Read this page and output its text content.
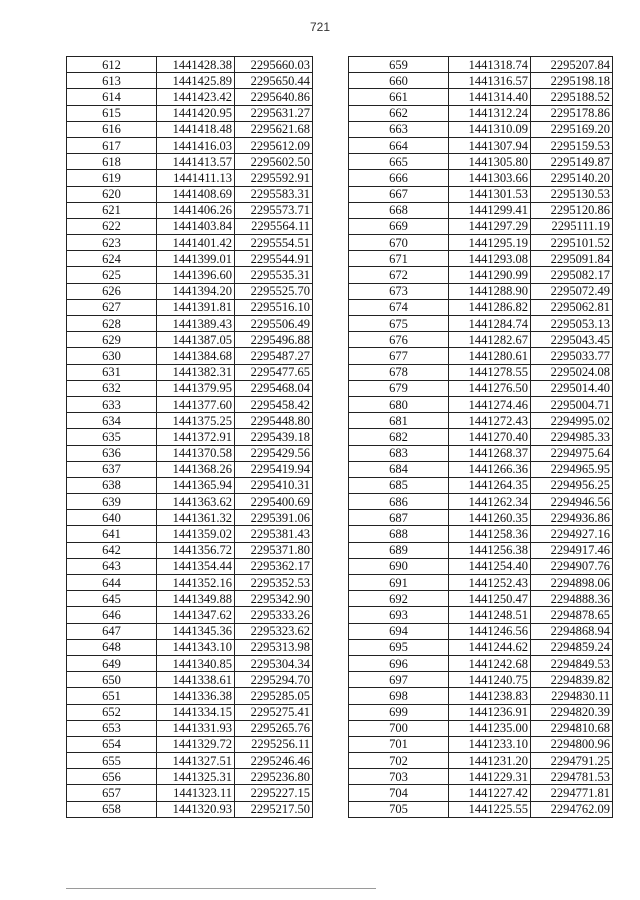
721
612	1441428.38	2295660.03
613	1441425.89	2295650.44
614	1441423.42	2295640.86
615	1441420.95	2295631.27
616	1441418.48	2295621.68
617	1441416.03	2295612.09
618	1441413.57	2295602.50
619	1441411.13	2295592.91
620	1441408.69	2295583.31
621	1441406.26	2295573.71
622	1441403.84	2295564.11
623	1441401.42	2295554.51
624	1441399.01	2295544.91
625	1441396.60	2295535.31
626	1441394.20	2295525.70
627	1441391.81	2295516.10
628	1441389.43	2295506.49
629	1441387.05	2295496.88
630	1441384.68	2295487.27
631	1441382.31	2295477.65
632	1441379.95	2295468.04
633	1441377.60	2295458.42
634	1441375.25	2295448.80
635	1441372.91	2295439.18
636	1441370.58	2295429.56
637	1441368.26	2295419.94
638	1441365.94	2295410.31
639	1441363.62	2295400.69
640	1441361.32	2295391.06
641	1441359.02	2295381.43
642	1441356.72	2295371.80
643	1441354.44	2295362.17
644	1441352.16	2295352.53
645	1441349.88	2295342.90
646	1441347.62	2295333.26
647	1441345.36	2295323.62
648	1441343.10	2295313.98
649	1441340.85	2295304.34
650	1441338.61	2295294.70
651	1441336.38	2295285.05
652	1441334.15	2295275.41
653	1441331.93	2295265.76
654	1441329.72	2295256.11
655	1441327.51	2295246.46
656	1441325.31	2295236.80
657	1441323.11	2295227.15
658	1441320.93	2295217.50
659	1441318.74	2295207.84
660	1441316.57	2295198.18
661	1441314.40	2295188.52
662	1441312.24	2295178.86
663	1441310.09	2295169.20
664	1441307.94	2295159.53
665	1441305.80	2295149.87
666	1441303.66	2295140.20
667	1441301.53	2295130.53
668	1441299.41	2295120.86
669	1441297.29	2295111.19
670	1441295.19	2295101.52
671	1441293.08	2295091.84
672	1441290.99	2295082.17
673	1441288.90	2295072.49
674	1441286.82	2295062.81
675	1441284.74	2295053.13
676	1441282.67	2295043.45
677	1441280.61	2295033.77
678	1441278.55	2295024.08
679	1441276.50	2295014.40
680	1441274.46	2295004.71
681	1441272.43	2294995.02
682	1441270.40	2294985.33
683	1441268.37	2294975.64
684	1441266.36	2294965.95
685	1441264.35	2294956.25
686	1441262.34	2294946.56
687	1441260.35	2294936.86
688	1441258.36	2294927.16
689	1441256.38	2294917.46
690	1441254.40	2294907.76
691	1441252.43	2294898.06
692	1441250.47	2294888.36
693	1441248.51	2294878.65
694	1441246.56	2294868.94
695	1441244.62	2294859.24
696	1441242.68	2294849.53
697	1441240.75	2294839.82
698	1441238.83	2294830.11
699	1441236.91	2294820.39
700	1441235.00	2294810.68
701	1441233.10	2294800.96
702	1441231.20	2294791.25
703	1441229.31	2294781.53
704	1441227.42	2294771.81
705	1441225.55	2294762.09
